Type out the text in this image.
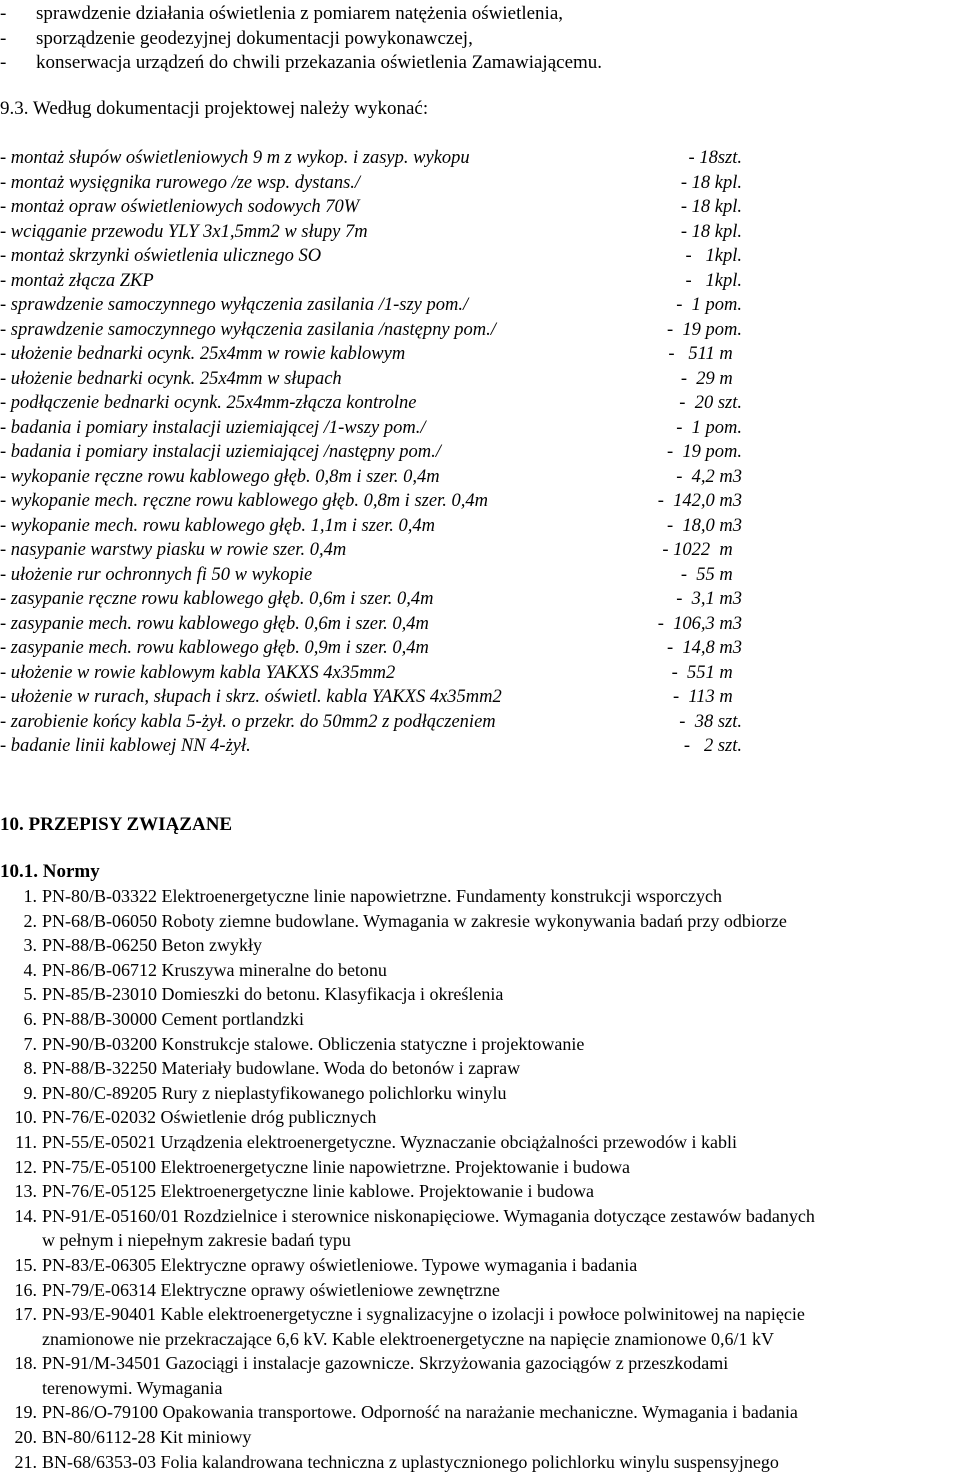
- sprawdzenie działania oświetlenia z pomiarem natężenia oświetlenia,
- sporządzenie geodezyjnej dokumentacji powykonawczej,
- konserwacja urządzeń do chwili przekazania oświetlenia Zamawiającemu.
9.3. Według dokumentacji projektowej należy wykonać:
- montaż słupów oświetleniowych 9 m z wykop. i zasyp. wykopu	- 18szt.
- montaż wysięgnika rurowego /ze wsp. dystans./	- 18 kpl.
- montaż opraw oświetleniowych sodowych 70W	- 18 kpl.
- wciąganie przewodu YLY 3x1,5mm2 w słupy 7m	- 18 kpl.
- montaż skrzynki oświetlenia ulicznego SO	-   1kpl.
- montaż złącza ZKP	-   1kpl.
- sprawdzenie samoczynnego wyłączenia zasilania /1-szy pom./	-  1 pom.
- sprawdzenie samoczynnego wyłączenia zasilania /następny pom./	-  19 pom.
- ułożenie bednarki ocynk. 25x4mm w rowie kablowym	-   511 m
- ułożenie bednarki ocynk. 25x4mm w słupach	-  29 m
- podłączenie bednarki ocynk. 25x4mm-złącza kontrolne	-  20 szt.
- badania i pomiary instalacji uziemiającej /1-wszy pom./	-  1 pom.
- badania i pomiary instalacji uziemiającej /następny pom./	-  19 pom.
- wykopanie ręczne rowu kablowego głęb. 0,8m i szer. 0,4m	-  4,2 m3
- wykopanie mech. ręczne rowu kablowego głęb. 0,8m i szer. 0,4m	-  142,0 m3
- wykopanie mech. rowu kablowego głęb. 1,1m i szer. 0,4m	-  18,0 m3
- nasypanie warstwy piasku w rowie szer. 0,4m	- 1022  m
- ułożenie rur ochronnych fi 50 w wykopie	-  55 m
- zasypanie ręczne rowu kablowego głęb. 0,6m i szer. 0,4m	-  3,1 m3
- zasypanie mech. rowu kablowego głęb. 0,6m i szer. 0,4m	-  106,3 m3
- zasypanie mech. rowu kablowego głęb. 0,9m i szer. 0,4m	-  14,8 m3
- ułożenie w rowie kablowym kabla YAKXS 4x35mm2	-  551 m
- ułożenie w rurach, słupach i skrz. oświetl. kabla YAKXS 4x35mm2	-  113 m
- zarobienie końcy kabla 5-żył. o przekr. do 50mm2 z podłączeniem	-  38 szt.
- badanie linii kablowej NN 4-żył.	-   2 szt.
10. PRZEPISY ZWIĄZANE
10.1. Normy
1. PN-80/B-03322 Elektroenergetyczne linie napowietrzne. Fundamenty konstrukcji wsporczych
2. PN-68/B-06050 Roboty ziemne budowlane. Wymagania w zakresie wykonywania badań przy odbiorze
3. PN-88/B-06250 Beton zwykły
4. PN-86/B-06712 Kruszywa mineralne do betonu
5. PN-85/B-23010 Domieszki do betonu. Klasyfikacja i określenia
6. PN-88/B-30000 Cement portlandzki
7. PN-90/B-03200 Konstrukcje stalowe. Obliczenia statyczne i projektowanie
8. PN-88/B-32250 Materiały budowlane. Woda do betonów i zapraw
9. PN-80/C-89205 Rury z nieplastyfikowanego polichlorku winylu
10. PN-76/E-02032 Oświetlenie dróg publicznych
11. PN-55/E-05021 Urządzenia elektroenergetyczne. Wyznaczanie obciążalności przewodów i kabli
12. PN-75/E-05100 Elektroenergetyczne linie napowietrzne. Projektowanie i budowa
13. PN-76/E-05125 Elektroenergetyczne linie kablowe. Projektowanie i budowa
14. PN-91/E-05160/01 Rozdzielnice i sterownice niskonapięciowe. Wymagania dotyczące zestawów badanych
w pełnym i niepełnym zakresie badań typu
15. PN-83/E-06305 Elektryczne oprawy oświetleniowe. Typowe wymagania i badania
16. PN-79/E-06314 Elektryczne oprawy oświetleniowe zewnętrzne
17. PN-93/E-90401 Kable elektroenergetyczne i sygnalizacyjne o izolacji i powłoce polwinitowej na napięcie
znamionowe nie przekraczające 6,6 kV. Kable elektroenergetyczne na napięcie znamionowe 0,6/1 kV
18. PN-91/M-34501 Gazociągi i instalacje gazownicze. Skrzyżowania gazociągów z przeszkodami
terenowymi. Wymagania
19. PN-86/O-79100 Opakowania transportowe. Odporność na narażanie mechaniczne. Wymagania i badania
20. BN-80/6112-28 Kit miniowy
21. BN-68/6353-03 Folia kalandrowana techniczna z uplastycznionego polichlorku winylu suspensyjnego
